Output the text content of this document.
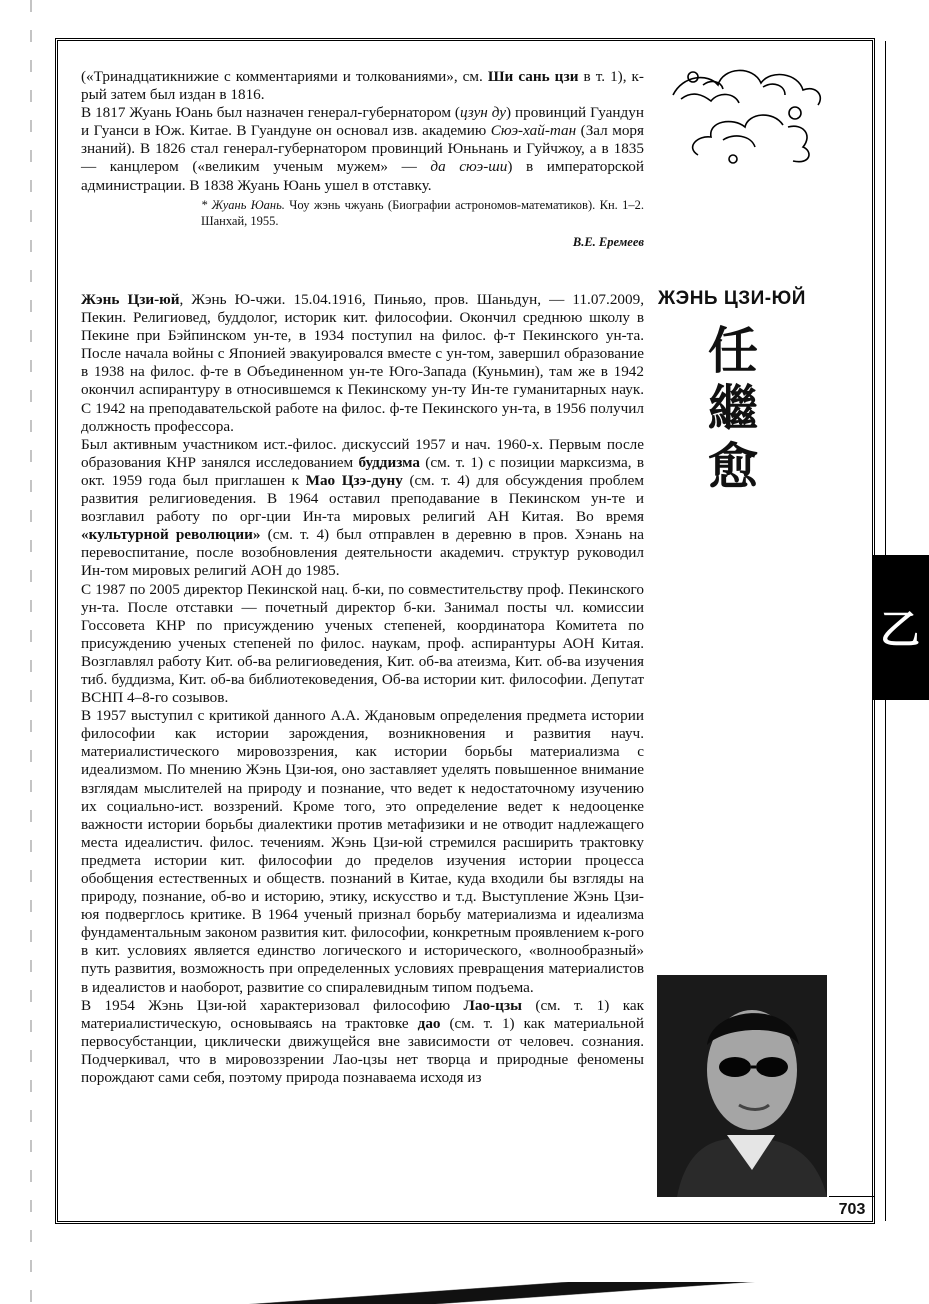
(«Тринадцатикнижие с комментариями и толкованиями», см. Ши сань цзи в т. 1), к-рый затем был издан в 1816.

В 1817 Жуань Юань был назначен генерал-губернатором (цзун ду) провинций Гуандун и Гуанси в Юж. Китае. В Гуандуне он основал изв. академию Сюэ-хай-тан (Зал моря знаний). В 1826 стал генерал-губернатором провинций Юньнань и Гуйчжоу, а в 1835 — канцлером («великим ученым мужем» — да сюэ-ши) в императорской администрации. В 1838 Жуань Юань ушел в отставку.

* Жуань Юань. Чоу жэнь чжуань (Биографии астрономов-математиков). Кн. 1–2. Шанхай, 1955.

В.Е. Еремеев

ЖЭНЬ ЦЗИ-ЮЙ
任
繼
愈

Жэнь Цзи-юй, Жэнь Ю-чжи. 15.04.1916, Пиньяо, пров. Шаньдун, — 11.07.2009, Пекин. Религиовед, буддолог, историк кит. философии. Окончил среднюю школу в Пекине при Бэйпинском ун-те, в 1934 поступил на филос. ф-т Пекинского ун-та. После начала войны с Японией эвакуировался вместе с ун-том, завершил образование в 1938 на филос. ф-те в Объединенном ун-те Юго-Запада (Куньмин), там же в 1942 окончил аспирантуру в относившемся к Пекинскому ун-ту Ин-те гуманитарных наук. С 1942 на преподавательской работе на филос. ф-те Пекинского ун-та, в 1956 получил должность профессора.

Был активным участником ист.-филос. дискуссий 1957 и нач. 1960-х. Первым после образования КНР занялся исследованием буддизма (см. т. 1) с позиции марксизма, в окт. 1959 года был приглашен к Мао Цзэ-дуну (см. т. 4) для обсуждения проблем развития религиоведения. В 1964 оставил преподавание в Пекинском ун-те и возглавил работу по орг-ции Ин-та мировых религий АН Китая. Во время «культурной революции» (см. т. 4) был отправлен в деревню в пров. Хэнань на перевоспитание, после возобновления деятельности академич. структур руководил Ин-том мировых религий АОН до 1985.

С 1987 по 2005 директор Пекинской нац. б-ки, по совместительству проф. Пекинского ун-та. После отставки — почетный директор б-ки. Занимал посты чл. комиссии Госсовета КНР по присуждению ученых степеней, координатора Комитета по присуждению ученых степеней по филос. наукам, проф. аспирантуры АОН Китая. Возглавлял работу Кит. об-ва религиоведения, Кит. об-ва атеизма, Кит. об-ва изучения тиб. буддизма, Кит. об-ва библиотековедения, Об-ва истории кит. философии. Депутат ВСНП 4–8-го созывов.

В 1957 выступил с критикой данного А.А. Ждановым определения предмета истории философии как истории зарождения, возникновения и развития науч. материалистического мировоззрения, как истории борьбы материализма с идеализмом. По мнению Жэнь Цзи-юя, оно заставляет уделять повышенное внимание взглядам мыслителей на природу и познание, что ведет к недостаточному изучению их социально-ист. воззрений. Кроме того, это определение ведет к недооценке важности истории борьбы диалектики против метафизики и не отводит надлежащего места идеалистич. филос. течениям. Жэнь Цзи-юй стремился расширить трактовку предмета истории кит. философии до пределов изучения истории процесса обобщения естественных и обществ. познаний в Китае, куда входили бы взгляды на природу, познание, об-во и историю, этику, искусство и т.д. Выступление Жэнь Цзи-юя подверглось критике. В 1964 ученый признал борьбу материализма и идеализма фундаментальным законом развития кит. философии, конкретным проявлением к-рого в кит. условиях является единство логического и исторического, «волнообразный» путь развития, возможность при определенных условиях превращения материалистов в идеалистов и наоборот, развитие со спиралевидным типом подъема.

В 1954 Жэнь Цзи-юй характеризовал философию Лао-цзы (см. т. 1) как материалистическую, основываясь на трактовке дао (см. т. 1) как материальной первосубстанции, циклически движущейся вне зависимости от человеч. сознания. Подчеркивал, что в мировоззрении Лао-цзы нет творца и природные феномены порождают сами себя, поэтому природа познаваема исходя из

乙
703
